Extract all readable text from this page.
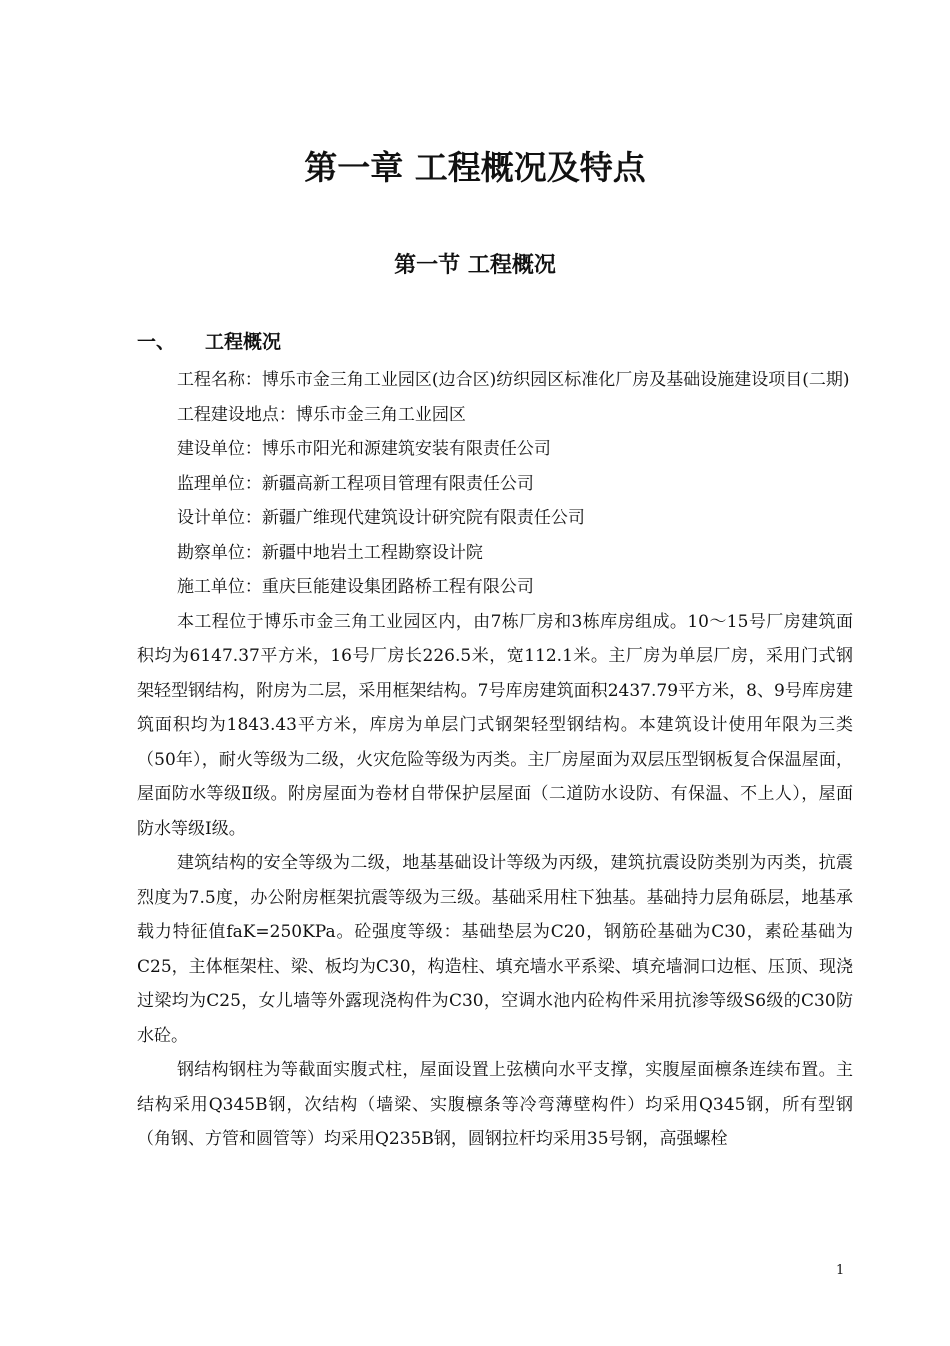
第一章 工程概况及特点
第一节 工程概况
一、 工程概况

工程名称：博乐市金三角工业园区(边合区)纺织园区标准化厂房及基础设施建设项目(二期)

工程建设地点：博乐市金三角工业园区

建设单位：博乐市阳光和源建筑安装有限责任公司

监理单位：新疆高新工程项目管理有限责任公司

设计单位：新疆广维现代建筑设计研究院有限责任公司

勘察单位：新疆中地岩土工程勘察设计院

施工单位：重庆巨能建设集团路桥工程有限公司

本工程位于博乐市金三角工业园区内，由7栋厂房和3栋库房组成。10～15号厂房建筑面积均为6147.37平方米，16号厂房长226.5米，宽112.1米。主厂房为单层厂房，采用门式钢架轻型钢结构，附房为二层，采用框架结构。7号库房建筑面积2437.79平方米，8、9号库房建筑面积均为1843.43平方米，库房为单层门式钢架轻型钢结构。本建筑设计使用年限为三类（50年），耐火等级为二级，火灾危险等级为丙类。主厂房屋面为双层压型钢板复合保温屋面，屋面防水等级Ⅱ级。附房屋面为卷材自带保护层屋面（二道防水设防、有保温、不上人），屋面防水等级Ⅰ级。

建筑结构的安全等级为二级，地基基础设计等级为丙级，建筑抗震设防类别为丙类，抗震烈度为7.5度，办公附房框架抗震等级为三级。基础采用柱下独基。基础持力层角砾层，地基承载力特征值faK=250KPa。砼强度等级：基础垫层为C20，钢筋砼基础为C30，素砼基础为C25，主体框架柱、梁、板均为C30，构造柱、填充墙水平系梁、填充墙洞口边框、压顶、现浇过梁均为C25，女儿墙等外露现浇构件为C30，空调水池内砼构件采用抗渗等级S6级的C30防水砼。

钢结构钢柱为等截面实腹式柱，屋面设置上弦横向水平支撑，实腹屋面檩条连续布置。主结构采用Q345B钢，次结构（墙梁、实腹檩条等冷弯薄壁构件）均采用Q345钢，所有型钢（角钢、方管和圆管等）均采用Q235B钢，圆钢拉杆均采用35号钢，高强螺栓

1
